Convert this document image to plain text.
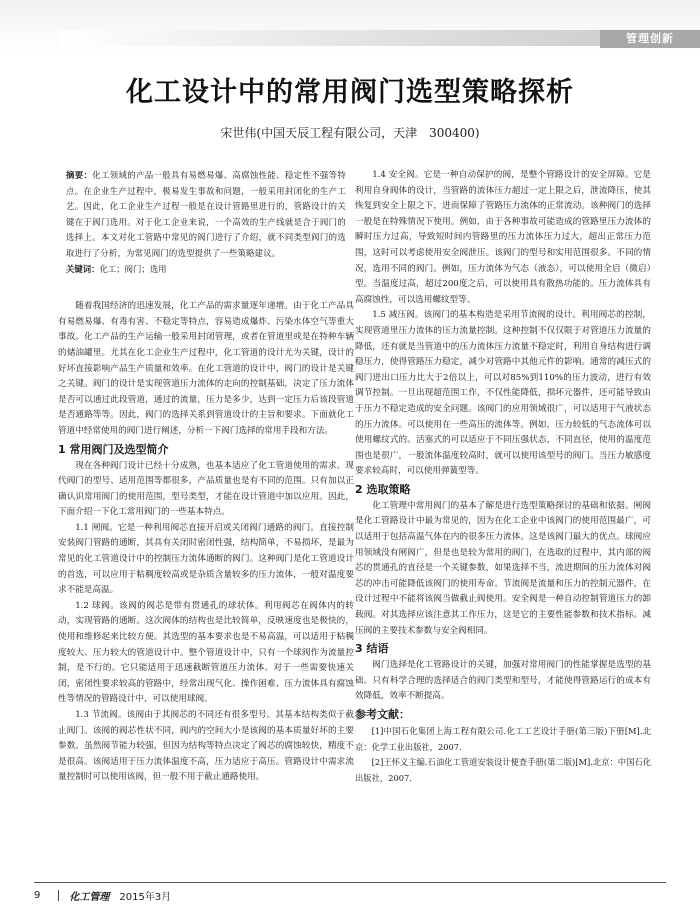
管理创新
化工设计中的常用阀门选型策略探析
宋世伟(中国天辰工程有限公司，天津　300400)

摘要：化工领域的产品一般具有易燃易爆、高腐蚀性能、稳定性不强等特点。在企业生产过程中，极易发生事故和问题，一般采用封闭化的生产工艺。因此，化工企业生产过程一般是在设计管路里进行的，管路设计的关键在于阀门选用。对于化工企业来说，一个高效的生产线就是合于阀门的选择上。本文对化工管路中常见的阀门进行了介绍，就不同类型阀门的选取进行了分析，为常见阀门的选型提供了一些策略建议。

关键词：化工；阀门；选用

随着我国经济的迅速发展，化工产品的需求量逐年递增。由于化工产品具有易燃易爆、有毒有害、不稳定等特点，容易造成爆炸、污染水体空气等重大事故。化工产品的生产运输一般采用封闭管理，或者在管道里或是在特种车辆的储油罐里。尤其在化工企业生产过程中，化工管道的设计尤为关键，设计的好坏直接影响产品生产质量和效率。在化工管道的设计中，阀门的设计是关键之关键。阀门的设计是实现管道压力流体的走向的控制基础，决定了压力流体是否可以通过此段管道，通过的流量，压力是多少，达到一定压力后该段管道是否通路等等。因此，阀门的选择关系到管道设计的主旨和要求。下面就化工管道中经常使用的阀门进行阐述，分析一下阀门选择的常用手段和方法。

1 常用阀门及选型简介

现在各种阀门设计已经十分成熟，也基本适应了化工管道使用的需求。现代阀门的型号、适用范围等都很多，产品质量也是有不同的范围。只有加以正确认识常用阀门的使用范围，型号类型，才能在设计管道中加以应用。因此，下面介绍一下化工常用阀门的一些基本特点。

1.1 闸阀。它是一种利用阀芯直接开启或关闭阀门通路的阀门。直接控制安装阀门管路的通断，其具有关闭时密闭性强，结构简单，不易损坏，是最为常见的化工管道设计中的控制压力流体通断的阀门。这种阀门是化工管道设计的首选，可以应用于粘稠度较高或是杂质含量较多的压力流体，一般对温度要求不能是高温。

1.2 球阀。该阀的阀芯是带有贯通孔的球状体。利用阀芯在阀体内的转动，实现管路的通断。这次阀体的结构也是比较简单，反映速度也是极快的，使用和维修起来比较方便。其选型的基本要求也是不易高温，可以适用于粘稠度较大、压力较大的管道设计中。整个管道设计中，只有一个球阀作为流量控制，是不行的。它只能适用于迅速截断管道压力流体。对于一些需要快速关闭，密闭性要求较高的管路中，经常出现气化、操作困难、压力流体具有腐蚀性等情况的管路设计中，可以使用球阀。

1.3 节流阀。该阀由于其阀芯的不同还有很多型号。其基本结构类似于截止阀门。该阀的阀芯性状不同，阀内的空间大小是该阀的基本质量好坏的主要参数。虽然阀节能力较强，但因为结构等特点决定了阀芯的腐蚀较快，精度不是很高。该阀适用于压力流体温度不高，压力适应于高压。管路设计中需求流量控制时可以使用该阀，但一般不用于截止通路使用。

1.4 安全阀。它是一种自动保护的阀，是整个管路设计的安全屏障。它是利用自身阀体的设计，当管路的流体压力超过一定上限之后，泄流降压，使其恢复到安全上限之下，进而保障了管路压力流体的正常流动。该种阀门的选择一般是在特殊情况下使用。例如，由于各种事故可能造成的管路里压力流体的瞬时压力过高，导致短时间内管路里的压力流体压力过大，超出正常压力范围，这时可以考虑使用安全阀泄压。该阀门的型号和实用范围很多。不同的情况，选用不同的阀门。例如，压力流体为气态（液态），可以使用全启（微启）型。当温度过高，超过200度之后，可以使用具有散热功能的。压力流体具有高腐蚀性，可以选用螺纹型等。

1.5 减压阀。该阀门的基本构造是采用节流阀的设计。利用阀芯的控制，实现管道里压力流体的压力流量控制。这种控制不仅仅限于对管道压力流量的降低，还有就是当管道中的压力流体压力流量不稳定时，利用自身结构进行调稳压力，使得管路压力稳定，减少对管路中其他元件的影响。通常的减压式的阀门进出口压力比大于2倍以上，可以对85%到110%的压力波动，进行有效调节控制。一旦出现超范围工作，不仅性能降低，损坏元器件，还可能导致由于压力不稳定造成的安全问题。该阀门的应用领域很广，可以适用于气液状态的压力流体。可以使用在一些高压的流体等。例如，压力较低的气态流体可以使用螺纹式的。活塞式的可以适应于不同压强状态，不同直径，使用的温度范围也是很广，一般流体温度较高时，就可以使用该型号的阀门。当压力敏感度要求较高时，可以使用弹簧型等。

2 选取策略

化工管理中常用阀门的基本了解是进行选型策略探讨的基础和依据。闸阀是化工管路设计中最为常见的，因为在化工企业中该阀门的使用范围最广，可以适用于包括高温气体在内的很多压力流体。这是该阀门最大的优点。球阀应用领域没有闸阀广，但是也是较为常用的阀门，在选取的过程中，其内部的阀芯的贯通孔的直径是一个关键参数，如果选择不当，流进期间的压力流体对阀芯的冲击可能降低该阀门的使用寿命。节流阀是流量和压力的控制元器件，在设计过程中不能将该阀当做截止阀使用。安全阀是一种自动控制管道压力的卸载阀。对其选择应该注意其工作压力，这是它的主要性能参数和技术指标。减压阀的主要技术参数与安全阀相同。

3 结语

阀门选择是化工管路设计的关键，加强对常用阀门的性能掌握是选型的基础。只有科学合理的选择适合的阀门类型和型号，才能使得管路运行的成本有效降低，效率不断提高。

参考文献：

[1]中国石化集团上海工程有限公司.化工工艺设计手册(第三版)下册[M].北京：化学工业出版社，2007.

[2]王怀义主编.石油化工管道安装设计便查手册(第二版)[M].北京：中国石化出版社，2007.

9	化工管理 2015年3月
